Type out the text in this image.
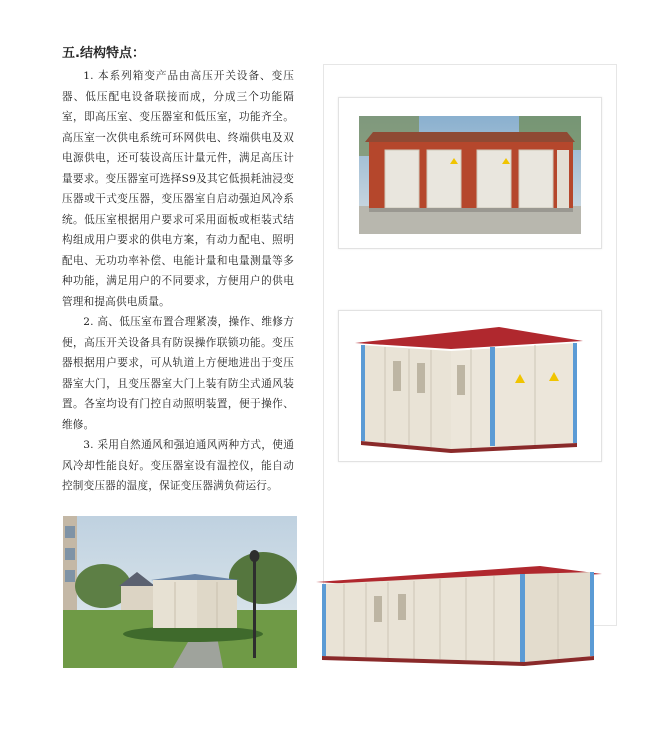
五.结构特点：

1. 本系列箱变产品由高压开关设备、变压器、低压配电设备联接而成，分成三个功能隔室，即高压室、变压器室和低压室，功能齐全。高压室一次供电系统可环网供电、终端供电及双电源供电，还可装设高压计量元件，满足高压计量要求。变压器室可选择S9及其它低损耗油浸变压器或干式变压器，变压器室自启动强迫风冷系统。低压室根据用户要求可采用面板或柜装式结构组成用户要求的供电方案，有动力配电、照明配电、无功功率补偿、电能计量和电量测量等多种功能，满足用户的不同要求，方便用户的供电管理和提高供电质量。

2. 高、低压室布置合理紧凑，操作、维修方便，高压开关设备具有防误操作联锁功能。变压器根据用户要求，可从轨道上方便地进出于变压器室大门，且变压器室大门上装有防尘式通风装置。各室均设有门控自动照明装置，便于操作、维修。

3. 采用自然通风和强迫通风两种方式，使通风冷却性能良好。变压器室设有温控仪，能自动控制变压器的温度，保证变压器满负荷运行。
